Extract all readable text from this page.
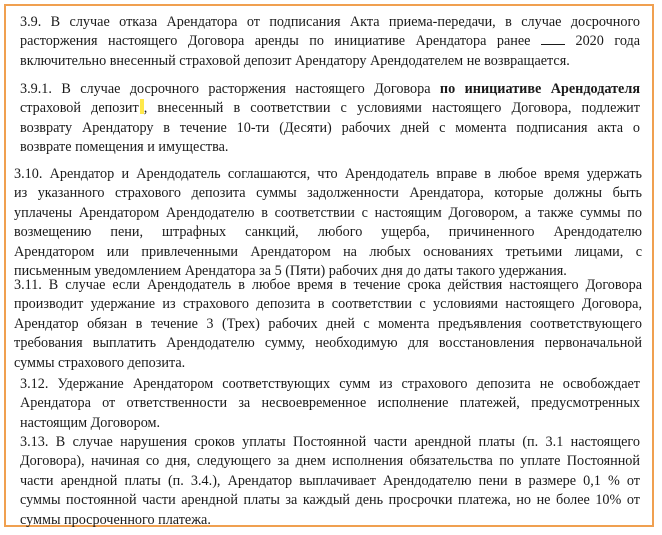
3.9. В случае отказа Арендатора от подписания Акта приема-передачи, в случае досрочного
расторжения настоящего Договора аренды по инициативе Арендатора ранее	2020 года
включительно внесенный страховой депозит Арендатору Арендодателем не возвращается.
3.9.1. В случае досрочного расторжения настоящего Договора по инициативе Арендодателя
страховой депозит , внесенный в соответствии с условиями настоящего Договора, подлежит
возврату Арендатору в течение 10-ти (Десяти) рабочих дней с момента подписания акта о
возврате помещения и имущества.
3.10. Арендатор и Арендодатель соглашаются, что Арендодатель вправе в любое время удержать
из указанного страхового депозита суммы задолженности Арендатора, которые должны быть
уплачены Арендатором Арендодателю в соответствии с настоящим Договором, а также суммы по
возмещению пени, штрафных санкций, любого ущерба, причиненного Арендодателю
Арендатором или привлеченными Арендатором на любых основаниях третьими лицами, с
письменным уведомлением Арендатора за 5 (Пяти) рабочих дня до даты такого удержания.
3.11. В случае если Арендодатель в любое время в течение срока действия настоящего Договора
производит удержание из страхового депозита в соответствии с условиями настоящего Договора,
Арендатор обязан в течение 3 (Трех) рабочих дней с момента предъявления соответствующего
требования выплатить Арендодателю сумму, необходимую для восстановления первоначальной
суммы страхового депозита.
3.12. Удержание Арендатором соответствующих сумм из страхового депозита не освобождает
Арендатора от ответственности за несвоевременное исполнение платежей, предусмотренных
настоящим Договором.
3.13. В случае нарушения сроков уплаты Постоянной части арендной платы (п. 3.1 настоящего
Договора), начиная со дня, следующего за днем исполнения обязательства по уплате Постоянной
части арендной платы (п. 3.4.), Арендатор выплачивает Арендодателю пени в размере 0,1 % от
суммы постоянной части арендной платы за каждый день просрочки платежа, но не более 10% от
суммы просроченного платежа.
